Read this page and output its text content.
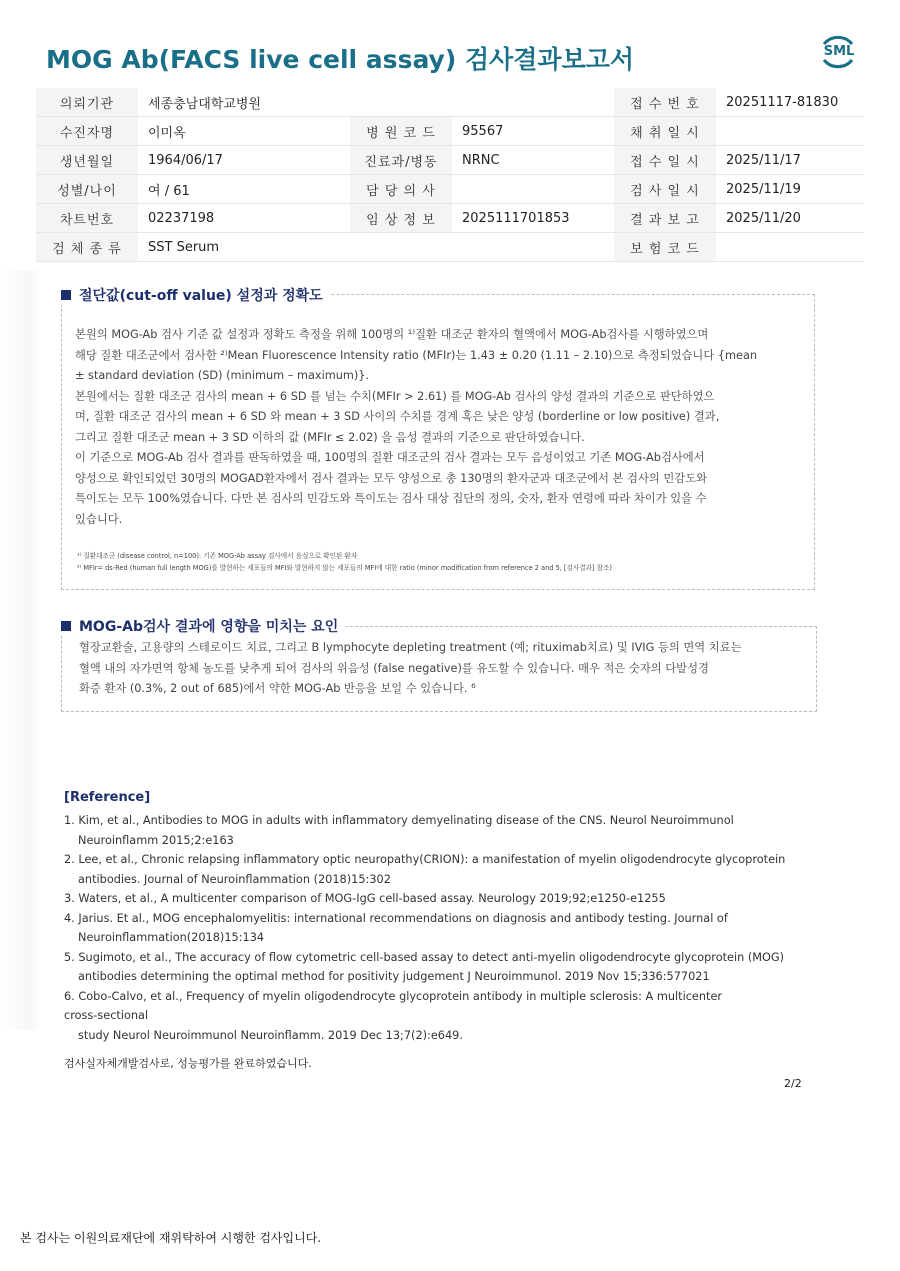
MOG Ab(FACS live cell assay) 검사결과보고서	SML
의뢰기관	세종충남대학교병원			접 수 번 호	20251117-81830
수진자명	이미옥	병 원 코 드	95567	채 취 일 시	
생년월일	1964/06/17	진료과/병동	NRNC	접 수 일 시	2025/11/17
성별/나이	여 / 61	담 당 의 사		검 사 일 시	2025/11/19
차트번호	02237198	임 상 정 보	2025111701853	결 과 보 고	2025/11/20
검 체 종 류	SST Serum			보 험 코 드	
절단값(cut-off value) 설정과 정확도
본원의 MOG-Ab 검사 기준 값 설정과 정확도 측정을 위해 100명의 ¹⁾질환 대조군 환자의 혈액에서 MOG-Ab검사를 시행하였으며
해당 질환 대조군에서 검사한 ²⁾Mean Fluorescence Intensity ratio (MFIr)는 1.43 ± 0.20 (1.11 – 2.10)으로 측정되었습니다 {mean
± standard deviation (SD) (minimum – maximum)}.
본원에서는 질환 대조군 검사의 mean + 6 SD 를 넘는 수치(MFIr > 2.61) 를 MOG-Ab 검사의 양성 결과의 기준으로 판단하였으
며, 질환 대조군 검사의 mean + 6 SD 와 mean + 3 SD 사이의 수치를 경계 혹은 낮은 양성 (borderline or low positive) 결과,
그리고 질환 대조군 mean + 3 SD 이하의 값 (MFIr ≤ 2.02) 을 음성 결과의 기준으로 판단하였습니다.
이 기준으로 MOG-Ab 검사 결과를 판독하였을 때, 100명의 질환 대조군의 검사 결과는 모두 음성이었고 기존 MOG-Ab검사에서
양성으로 확인되었던 30명의 MOGAD환자에서 검사 결과는 모두 양성으로 총 130명의 환자군과 대조군에서 본 검사의 민감도와
특이도는 모두 100%였습니다. 다만 본 검사의 민감도와 특이도는 검사 대상 집단의 정의, 숫자, 환자 연령에 따라 차이가 있을 수
있습니다.
¹⁾ 질환대조군 (disease control, n=100): 기존 MOG-Ab assay 검사에서 음성으로 확인된 환자
²⁾ MFIr= ds-Red (human full length MOG)를 발현하는 세포들의 MFI와 발현하지 않는 세포들의 MFI에 대한 ratio (minor modification from reference 2 and 5, [검사결과] 참조)
MOG-Ab검사 결과에 영향을 미치는 요인
혈장교환술, 고용량의 스테로이드 치료, 그리고 B lymphocyte depleting treatment (예; rituximab치료) 및 IVIG 등의 면역 치료는
혈액 내의 자가면역 항체 농도를 낮추게 되어 검사의 위음성 (false negative)를 유도할 수 있습니다. 매우 적은 숫자의 다발성경
화증 환자 (0.3%, 2 out of 685)에서 약한 MOG-Ab 반응을 보일 수 있습니다. ⁶
[Reference]
1. Kim, et al., Antibodies to MOG in adults with inflammatory demyelinating disease of the CNS. Neurol Neuroimmunol
Neuroinflamm 2015;2:e163
2. Lee, et al., Chronic relapsing inflammatory optic neuropathy(CRION): a manifestation of myelin oligodendrocyte glycoprotein
antibodies. Journal of Neuroinflammation (2018)15:302
3. Waters, et al., A multicenter comparison of MOG-IgG cell-based assay. Neurology 2019;92;e1250-e1255
4. Jarius. Et al., MOG encephalomyelitis: international recommendations on diagnosis and antibody testing. Journal of
Neuroinflammation(2018)15:134
5. Sugimoto, et al., The accuracy of flow cytometric cell-based assay to detect anti-myelin oligodendrocyte glycoprotein (MOG)
antibodies determining the optimal method for positivity judgement J Neuroimmunol. 2019 Nov 15;336:577021
6. Cobo-Calvo, et al., Frequency of myelin oligodendrocyte glycoprotein antibody in multiple sclerosis: A multicenter
cross-sectional
study Neurol Neuroimmunol Neuroinflamm. 2019 Dec 13;7(2):e649.
검사실자체개발검사로, 성능평가를 완료하였습니다.
2/2
본 검사는 이원의료재단에 재위탁하여 시행한 검사입니다.
